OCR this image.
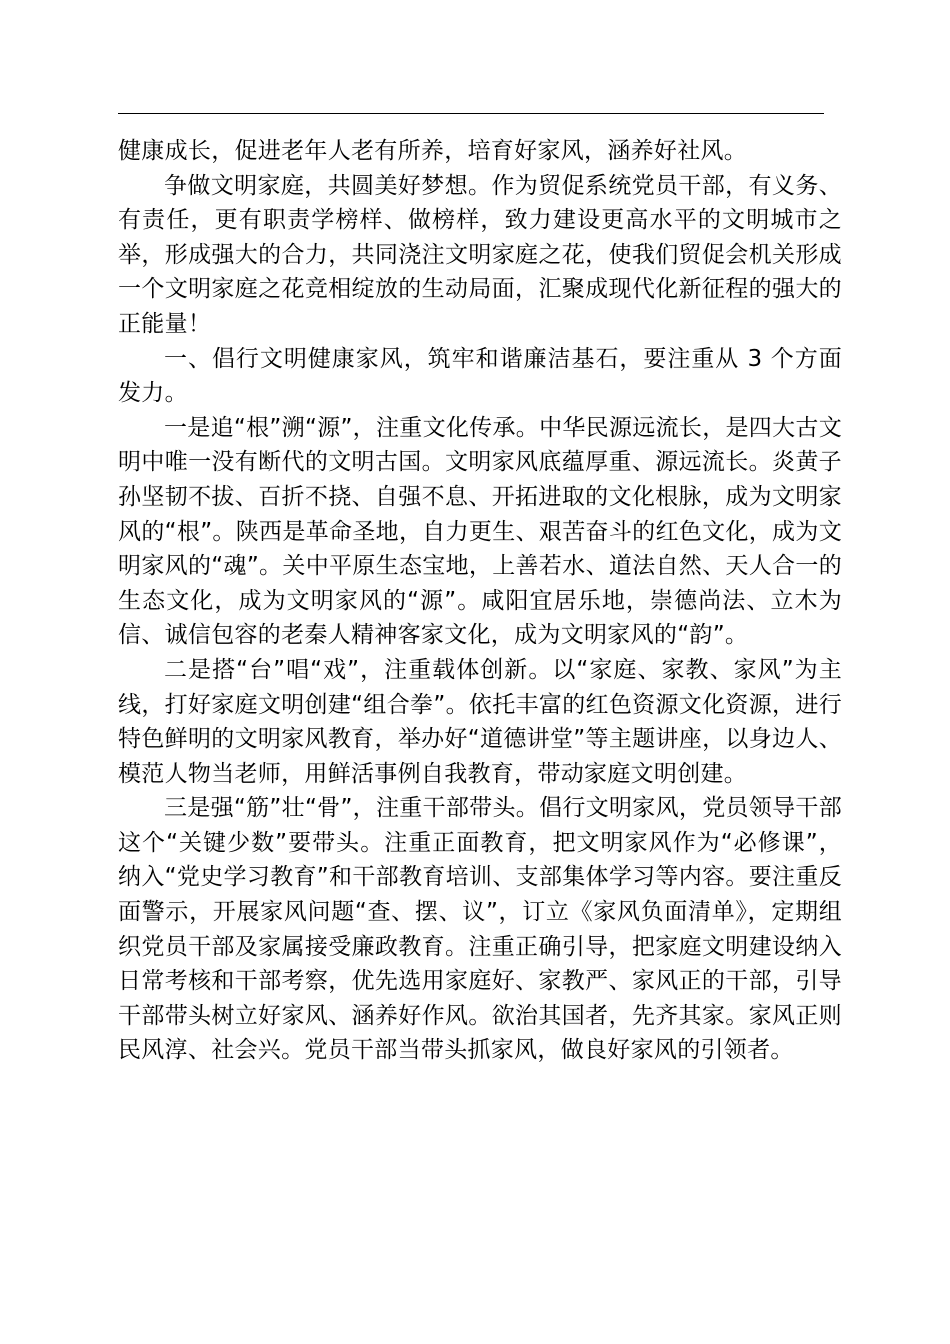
健康成长，促进老年人老有所养，培育好家风，涵养好社风。

争做文明家庭，共圆美好梦想。作为贸促系统党员干部，有义务、有责任，更有职责学榜样、做榜样，致力建设更高水平的文明城市之举，形成强大的合力，共同浇注文明家庭之花，使我们贸促会机关形成一个文明家庭之花竞相绽放的生动局面，汇聚成现代化新征程的强大的正能量！

一、倡行文明健康家风，筑牢和谐廉洁基石，要注重从 3 个方面发力。

一是追“根”溯“源”，注重文化传承。中华民源远流长，是四大古文明中唯一没有断代的文明古国。文明家风底蕴厚重、源远流长。炎黄子孙坚韧不拔、百折不挠、自强不息、开拓进取的文化根脉，成为文明家风的“根”。陕西是革命圣地，自力更生、艰苦奋斗的红色文化，成为文明家风的“魂”。关中平原生态宝地，上善若水、道法自然、天人合一的生态文化，成为文明家风的“源”。咸阳宜居乐地，崇德尚法、立木为信、诚信包容的老秦人精神客家文化，成为文明家风的“韵”。

二是搭“台”唱“戏”，注重载体创新。以“家庭、家教、家风”为主线，打好家庭文明创建“组合拳”。依托丰富的红色资源文化资源，进行特色鲜明的文明家风教育，举办好“道德讲堂”等主题讲座，以身边人、模范人物当老师，用鲜活事例自我教育，带动家庭文明创建。

三是强“筋”壮“骨”，注重干部带头。倡行文明家风，党员领导干部这个“关键少数”要带头。注重正面教育，把文明家风作为“必修课”，纳入“党史学习教育”和干部教育培训、支部集体学习等内容。要注重反面警示，开展家风问题“查、摆、议”，订立《家风负面清单》，定期组织党员干部及家属接受廉政教育。注重正确引导，把家庭文明建设纳入日常考核和干部考察，优先选用家庭好、家教严、家风正的干部，引导干部带头树立好家风、涵养好作风。欲治其国者，先齐其家。家风正则民风淳、社会兴。党员干部当带头抓家风，做良好家风的引领者。
